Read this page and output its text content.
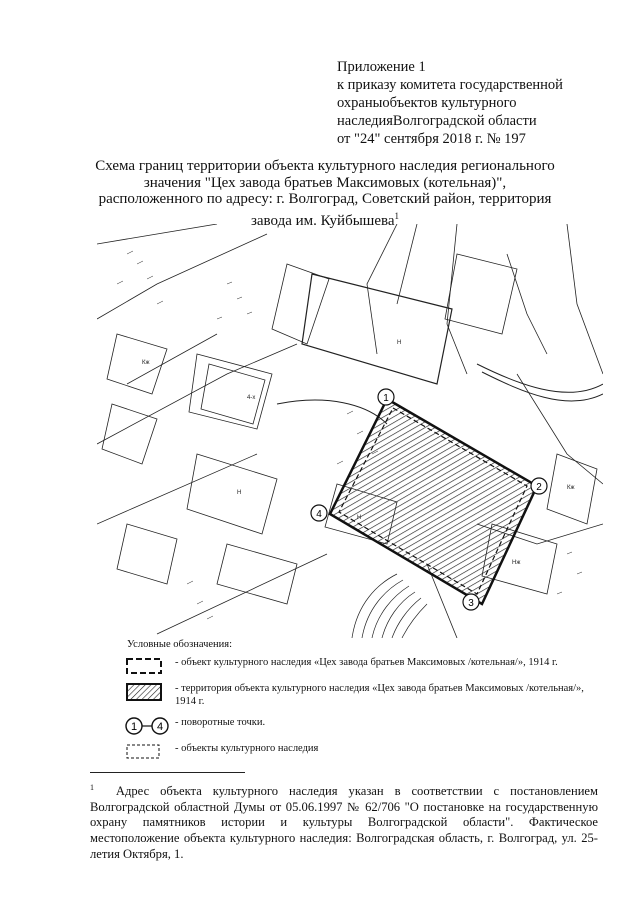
Приложение 1
к приказу комитета государственной
охраныобъектов культурного
наследияВолгоградской области
от "24" сентября 2018 г. № 197
Схема границ территории объекта культурного наследия регионального значения "Цех завода братьев Максимовых (котельная)", расположенного по адресу: г. Волгоград, Советский район, территория завода им. Куйбышева$^1$
1
2
3
4
4-х
Н
Кж
Н
Нж
Кж
Н
Условные обозначения:
- объект культурного наследия «Цех завода братьев Максимовых /котельная/», 1914 г.
- территория объекта культурного наследия «Цех завода братьев Максимовых /котельная/», 1914 г.
1 4 - поворотные точки.
- объекты культурного наследия
$^1$ Адрес объекта культурного наследия указан в соответствии с постановлением Волгоградской областной Думы от 05.06.1997 № 62/706 "О постановке на государственную охрану памятников истории и культуры Волгоградской области". Фактическое местоположение объекта культурного наследия: Волгоградская область, г. Волгоград, ул. 25-летия Октября, 1.
